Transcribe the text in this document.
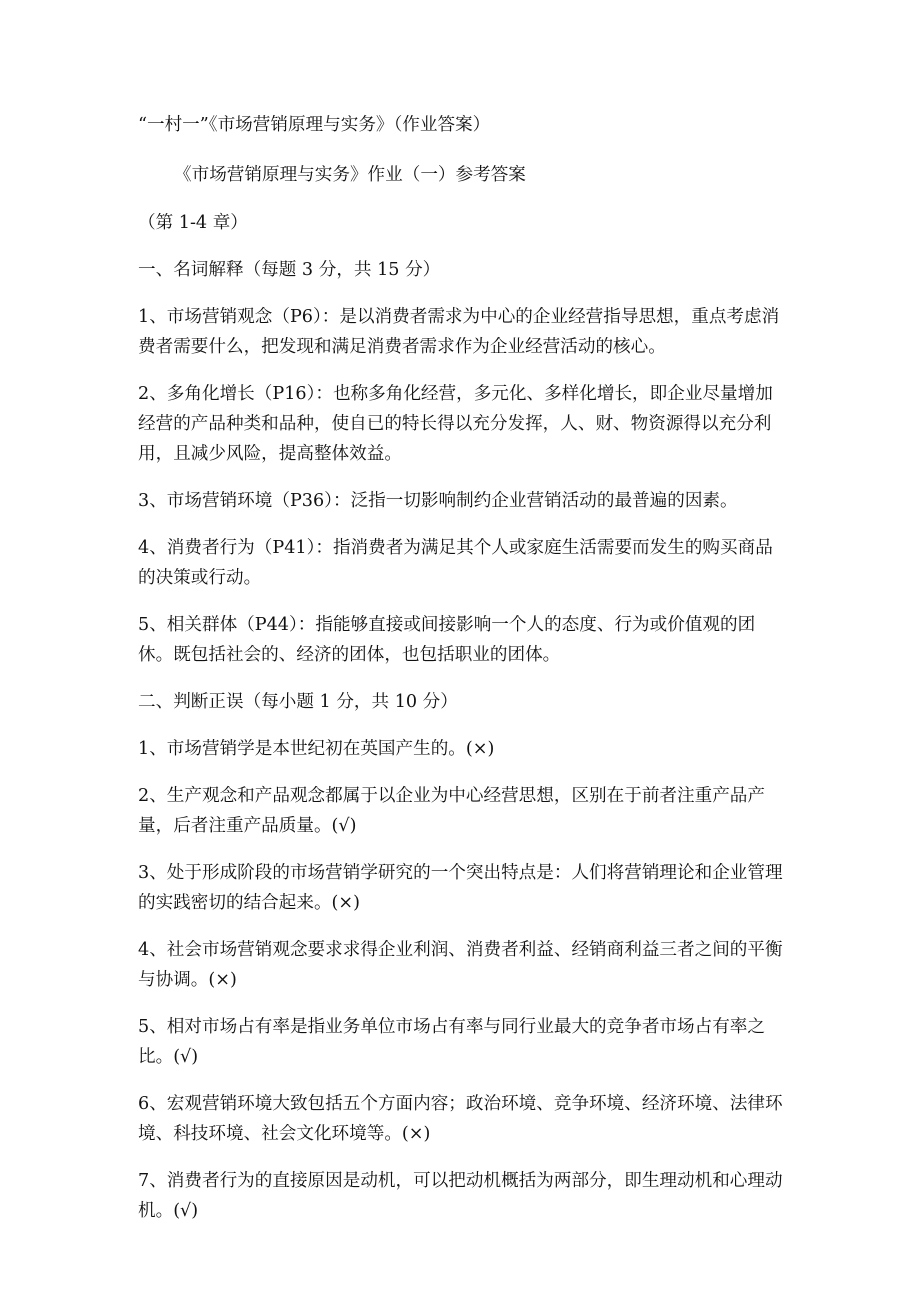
“一村一”《市场营销原理与实务》（作业答案）

《市场营销原理与实务》作业（一）参考答案

（第 1-4 章）

一、名词解释（每题 3 分，共 15 分）

1、市场营销观念（P6）：是以消费者需求为中心的企业经营指导思想，重点考虑消费者需要什么，把发现和满足消费者需求作为企业经营活动的核心。

2、多角化增长（P16）：也称多角化经营，多元化、多样化增长，即企业尽量增加经营的产品种类和品种，使自已的特长得以充分发挥，人、财、物资源得以充分利用，且减少风险，提高整体效益。

3、市场营销环境（P36）：泛指一切影响制约企业营销活动的最普遍的因素。

4、消费者行为（P41）：指消费者为满足其个人或家庭生活需要而发生的购买商品的决策或行动。

5、相关群体（P44）：指能够直接或间接影响一个人的态度、行为或价值观的团休。既包括社会的、经济的团体，也包括职业的团体。

二、判断正误（每小题 1 分，共 10 分）

1、市场营销学是本世纪初在英国产生的。(×)

2、生产观念和产品观念都属于以企业为中心经营思想，区别在于前者注重产品产量，后者注重产品质量。(√)

3、处于形成阶段的市场营销学研究的一个突出特点是：人们将营销理论和企业管理的实践密切的结合起来。(×)

4、社会市场营销观念要求求得企业利润、消费者利益、经销商利益三者之间的平衡与协调。(×)

5、相对市场占有率是指业务单位市场占有率与同行业最大的竞争者市场占有率之比。(√)

6、宏观营销环境大致包括五个方面内容；政治环境、竞争环境、经济环境、法律环境、科技环境、社会文化环境等。(×)

7、消费者行为的直接原因是动机，可以把动机概括为两部分，即生理动机和心理动机。(√)
